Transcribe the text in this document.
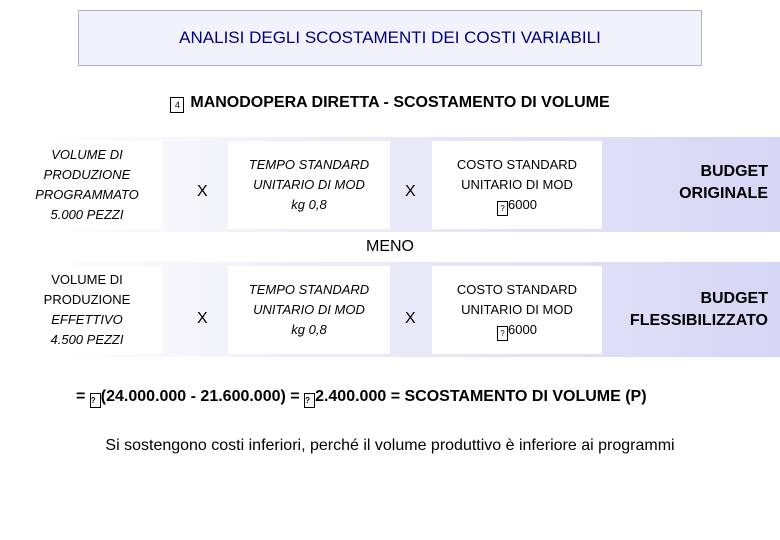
ANALISI DEGLI SCOSTAMENTI DEI COSTI VARIABILI
4 MANODOPERA DIRETTA - SCOSTAMENTO DI VOLUME
VOLUME DI
PRODUZIONE
PROGRAMMATO
5.000 PEZZI
X
TEMPO STANDARD
UNITARIO DI MOD
kg 0,8
X
COSTO STANDARD
UNITARIO DI MOD
? 6000
BUDGET
ORIGINALE
MENO
VOLUME DI
PRODUZIONE
EFFETTIVO
4.500 PEZZI
X
TEMPO STANDARD
UNITARIO DI MOD
kg 0,8
X
COSTO STANDARD
UNITARIO DI MOD
? 6000
BUDGET
FLESSIBILIZZATO
= ? (24.000.000 - 21.600.000) = ? 2.400.000 = SCOSTAMENTO DI VOLUME (P)
Si sostengono costi inferiori, perché il volume produttivo è inferiore ai programmi
